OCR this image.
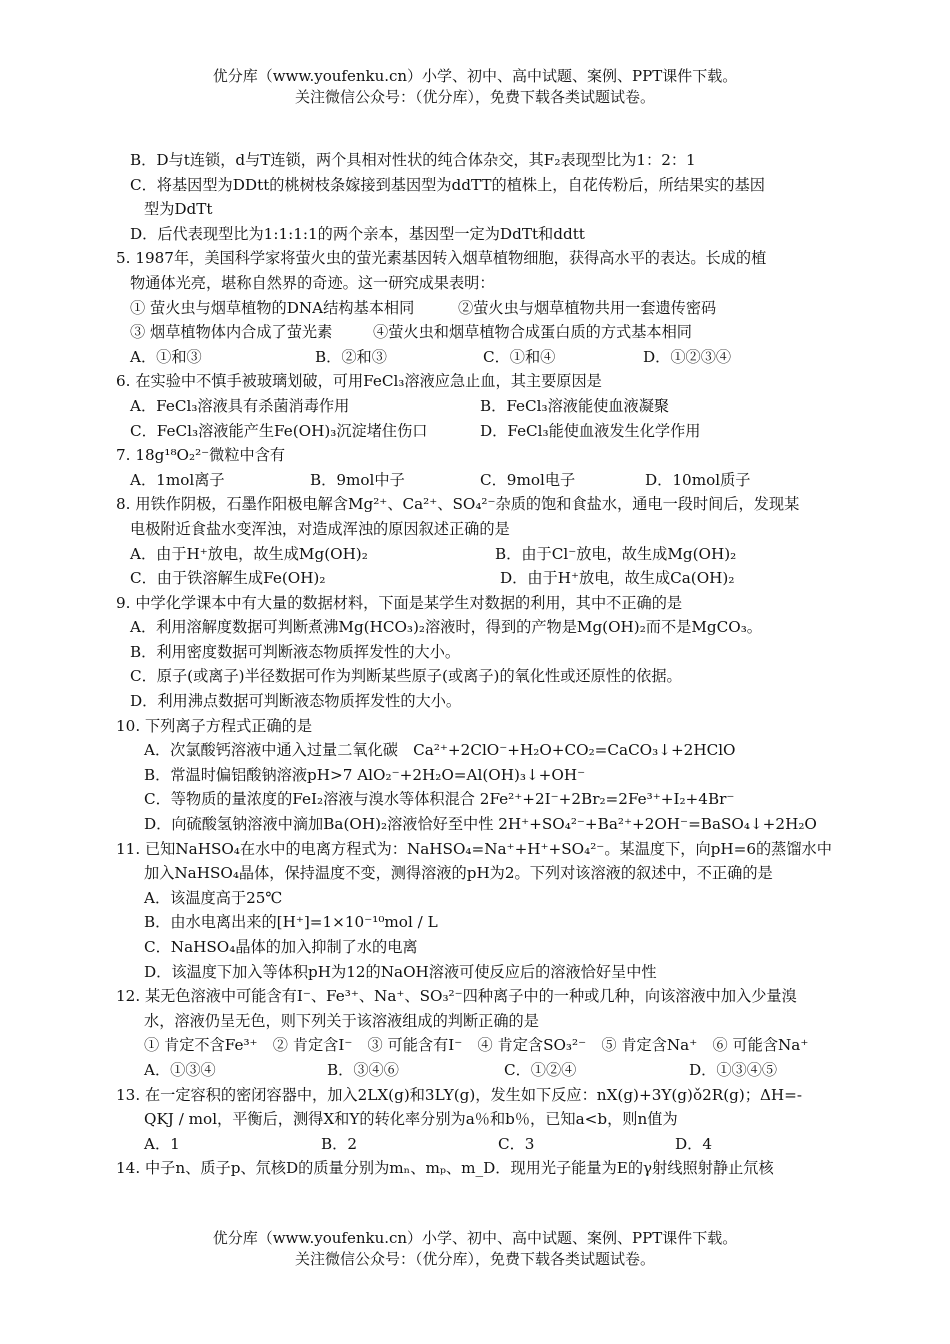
优分库（www.youfenku.cn）小学、初中、高中试题、案例、PPT课件下载。
关注微信公众号：（优分库），免费下载各类试题试卷。

B．D与t连锁，d与T连锁，两个具相对性状的纯合体杂交，其F₂表现型比为1：2：1

C．将基因型为DDtt的桃树枝条嫁接到基因型为ddTT的植株上，自花传粉后，所结果实的基因

型为DdTt

D．后代表现型比为1:1:1:1的两个亲本，基因型一定为DdTt和ddtt

5. 1987年，美国科学家将萤火虫的萤光素基因转入烟草植物细胞，获得高水平的表达。长成的植

物通体光亮，堪称自然界的奇迹。这一研究成果表明：

① 萤火虫与烟草植物的DNA结构基本相同	②萤火虫与烟草植物共用一套遗传密码
③ 烟草植物体内合成了萤光素	④萤火虫和烟草植物合成蛋白质的方式基本相同
A．①和③	B．②和③	C．①和④	D．①②③④

6. 在实验中不慎手被玻璃划破，可用FeCl₃溶液应急止血，其主要原因是

A．FeCl₃溶液具有杀菌消毒作用	B．FeCl₃溶液能使血液凝聚
C．FeCl₃溶液能产生Fe(OH)₃沉淀堵住伤口	D．FeCl₃能使血液发生化学作用

7. 18g¹⁸O₂²⁻微粒中含有

A．1mol离子	B．9mol中子	C．9mol电子	D．10mol质子

8. 用铁作阴极，石墨作阳极电解含Mg²⁺、Ca²⁺、SO₄²⁻杂质的饱和食盐水，通电一段时间后，发现某

电极附近食盐水变浑浊，对造成浑浊的原因叙述正确的是

A．由于H⁺放电，故生成Mg(OH)₂	B．由于Cl⁻放电，故生成Mg(OH)₂
C．由于铁溶解生成Fe(OH)₂	D．由于H⁺放电，故生成Ca(OH)₂

9. 中学化学课本中有大量的数据材料，下面是某学生对数据的利用，其中不正确的是

A．利用溶解度数据可判断煮沸Mg(HCO₃)₂溶液时，得到的产物是Mg(OH)₂而不是MgCO₃。

B．利用密度数据可判断液态物质挥发性的大小。

C．原子(或离子)半径数据可作为判断某些原子(或离子)的氧化性或还原性的依据。

D．利用沸点数据可判断液态物质挥发性的大小。

10. 下列离子方程式正确的是

A．次氯酸钙溶液中通入过量二氧化碳　Ca²⁺+2ClO⁻+H₂O+CO₂=CaCO₃↓+2HClO

B．常温时偏铝酸钠溶液pH>7 AlO₂⁻+2H₂O=Al(OH)₃↓+OH⁻

C．等物质的量浓度的FeI₂溶液与溴水等体积混合 2Fe²⁺+2I⁻+2Br₂=2Fe³⁺+I₂+4Br⁻

D．向硫酸氢钠溶液中滴加Ba(OH)₂溶液恰好至中性 2H⁺+SO₄²⁻+Ba²⁺+2OH⁻=BaSO₄↓+2H₂O

11. 已知NaHSO₄在水中的电离方程式为：NaHSO₄=Na⁺+H⁺+SO₄²⁻。某温度下，向pH=6的蒸馏水中

加入NaHSO₄晶体，保持温度不变，测得溶液的pH为2。下列对该溶液的叙述中，不正确的是

A．该温度高于25℃

B．由水电离出来的[H⁺]=1×10⁻¹⁰mol / L

C．NaHSO₄晶体的加入抑制了水的电离

D．该温度下加入等体积pH为12的NaOH溶液可使反应后的溶液恰好呈中性

12. 某无色溶液中可能含有I⁻、Fe³⁺、Na⁺、SO₃²⁻四种离子中的一种或几种，向该溶液中加入少量溴

水，溶液仍呈无色，则下列关于该溶液组成的判断正确的是

① 肯定不含Fe³⁺　② 肯定含I⁻　③ 可能含有I⁻　④ 肯定含SO₃²⁻　⑤ 肯定含Na⁺　⑥ 可能含Na⁺

A．①③④	B．③④⑥	C．①②④	D．①③④⑤

13. 在一定容积的密闭容器中，加入2LX(g)和3LY(g)，发生如下反应：nX(g)+3Y(g)ǒ2R(g)；ΔH=-

QKJ / mol，平衡后，测得X和Y的转化率分别为a％和b％，已知a<b，则n值为

A．1	B．2	C．3	D．4

14. 中子n、质子p、氘核D的质量分别为mₙ、mₚ、m_D．现用光子能量为E的γ射线照射静止氘核

优分库（www.youfenku.cn）小学、初中、高中试题、案例、PPT课件下载。
关注微信公众号：（优分库），免费下载各类试题试卷。
